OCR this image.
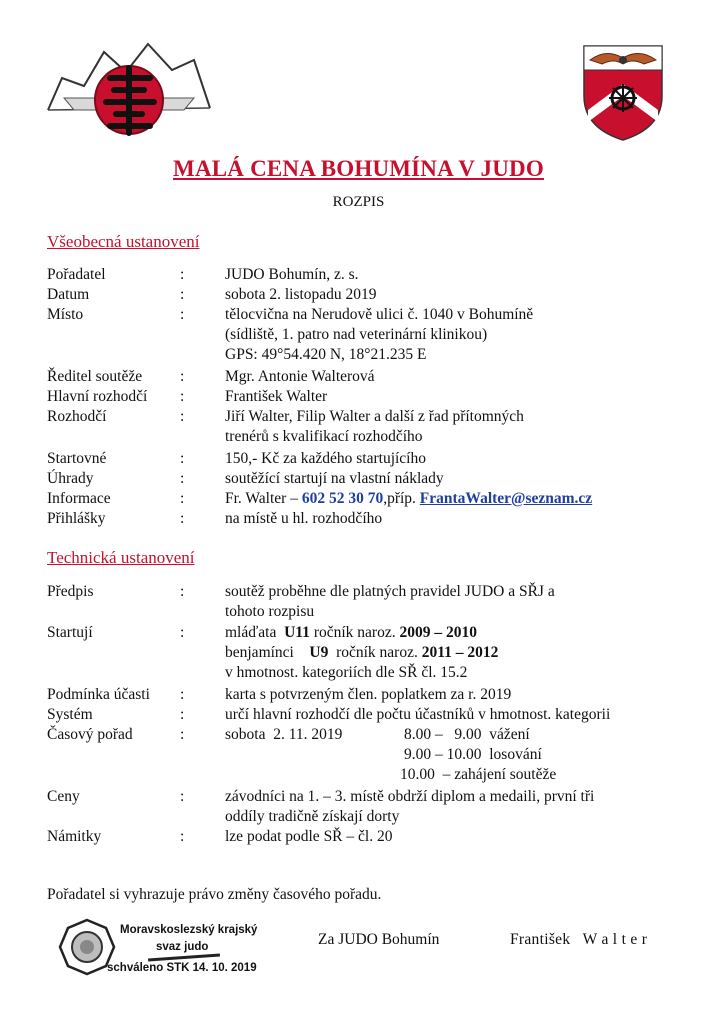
MALÁ CENA BOHUMÍNA V JUDO
ROZPIS
Všeobecná ustanovení
Pořadatel	:	JUDO Bohumín, z. s.
Datum	:	sobota 2. listopadu 2019
Místo	:	tělocvična na Nerudově ulici č. 1040 v Bohumíně
(sídliště, 1. patro nad veterinární klinikou)
GPS: 49°54.420 N, 18°21.235 E
Ředitel soutěže :	Mgr. Antonie Walterová
Hlavní rozhodčí :	František Walter
Rozhodčí	:	Jiří Walter, Filip Walter a další z řad přítomných
trenérů s kvalifikací rozhodčího
Startovné	:	150,- Kč za každého startujícího
Úhrady	:	soutěžící startují na vlastní náklady
Informace	:	Fr. Walter – 602 52 30 70,příp. FrantaWalter@seznam.cz
Přihlášky	:	na místě u hl. rozhodčího
Technická ustanovení
Předpis	:	soutěž proběhne dle platných pravidel JUDO a SŘJ a
tohoto rozpisu
Startují	:	mláďata  U11 ročník naroz. 2009 – 2010
benjamínci    U9  ročník naroz. 2011 – 2012
v hmotnost. kategoriích dle SŘ čl. 15.2
Podmínka účasti :	karta s potvrzeným člen. poplatkem za r. 2019
Systém	:	určí hlavní rozhodčí dle počtu účastníků v hmotnost. kategorii
Časový pořad	:	sobota  2. 11. 2019	8.00 –   9.00  vážení
9.00 – 10.00  losování
10.00  – zahájení soutěže
Ceny	:	závodníci na 1. – 3. místě obdrží diplom a medaili, první tři
oddíly tradičně získají dorty
Námitky	:	lze podat podle SŘ – čl. 20
Pořadatel si vyhrazuje právo změny časového pořadu.
Moravskoslezský krajský
svaz judo
schváleno STK 14. 10. 2019
Za JUDO Bohumín	František   W a l t e r
